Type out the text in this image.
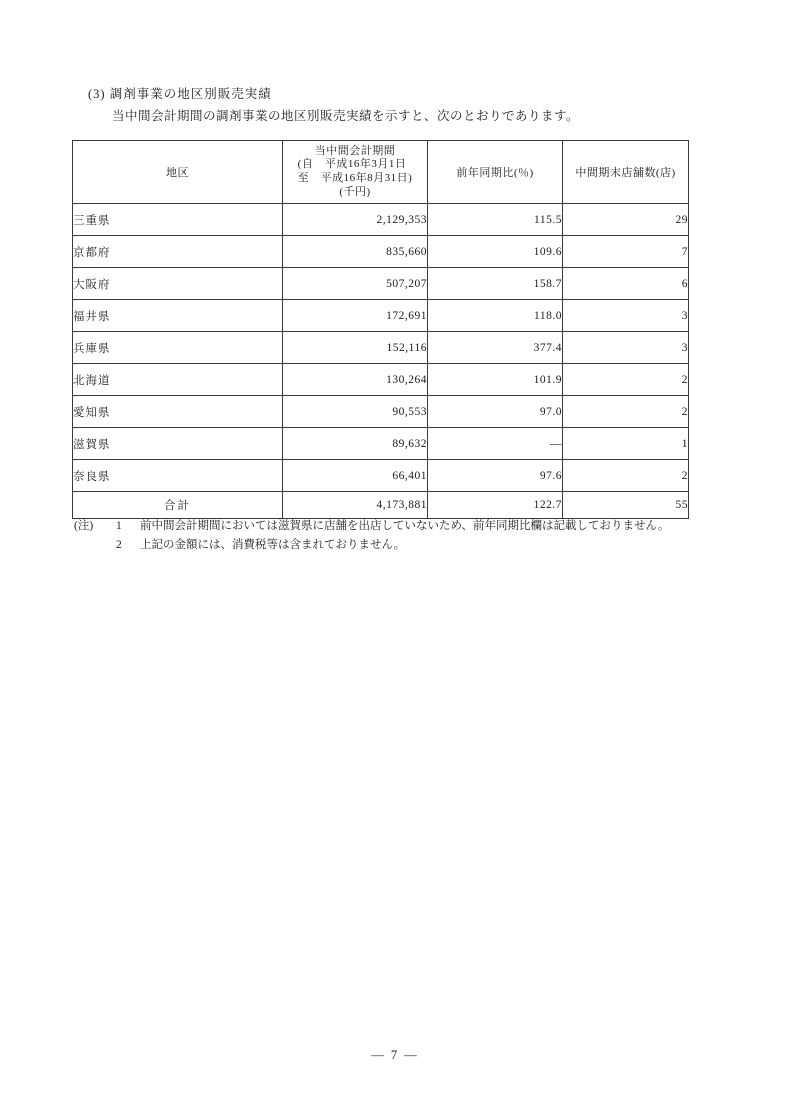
(3) 調剤事業の地区別販売実績
当中間会計期間の調剤事業の地区別販売実績を示すと、次のとおりであります。
地区	当中間会計期間
(自　平成16年3月1日
至　平成16年8月31日)
(千円)	前年同期比(％)	中間期末店舗数(店)
三重県	2,129,353	115.5	29
京都府	835,660	109.6	7
大阪府	507,207	158.7	6
福井県	172,691	118.0	3
兵庫県	152,116	377.4	3
北海道	130,264	101.9	2
愛知県	90,553	97.0	2
滋賀県	89,632	―	1
奈良県	66,401	97.6	2
合計	4,173,881	122.7	55
(注)	1	前中間会計期間においては滋賀県に店舗を出店していないため、前年同期比欄は記載しておりません。
2	上記の金額には、消費税等は含まれておりません。
― 7 ―
